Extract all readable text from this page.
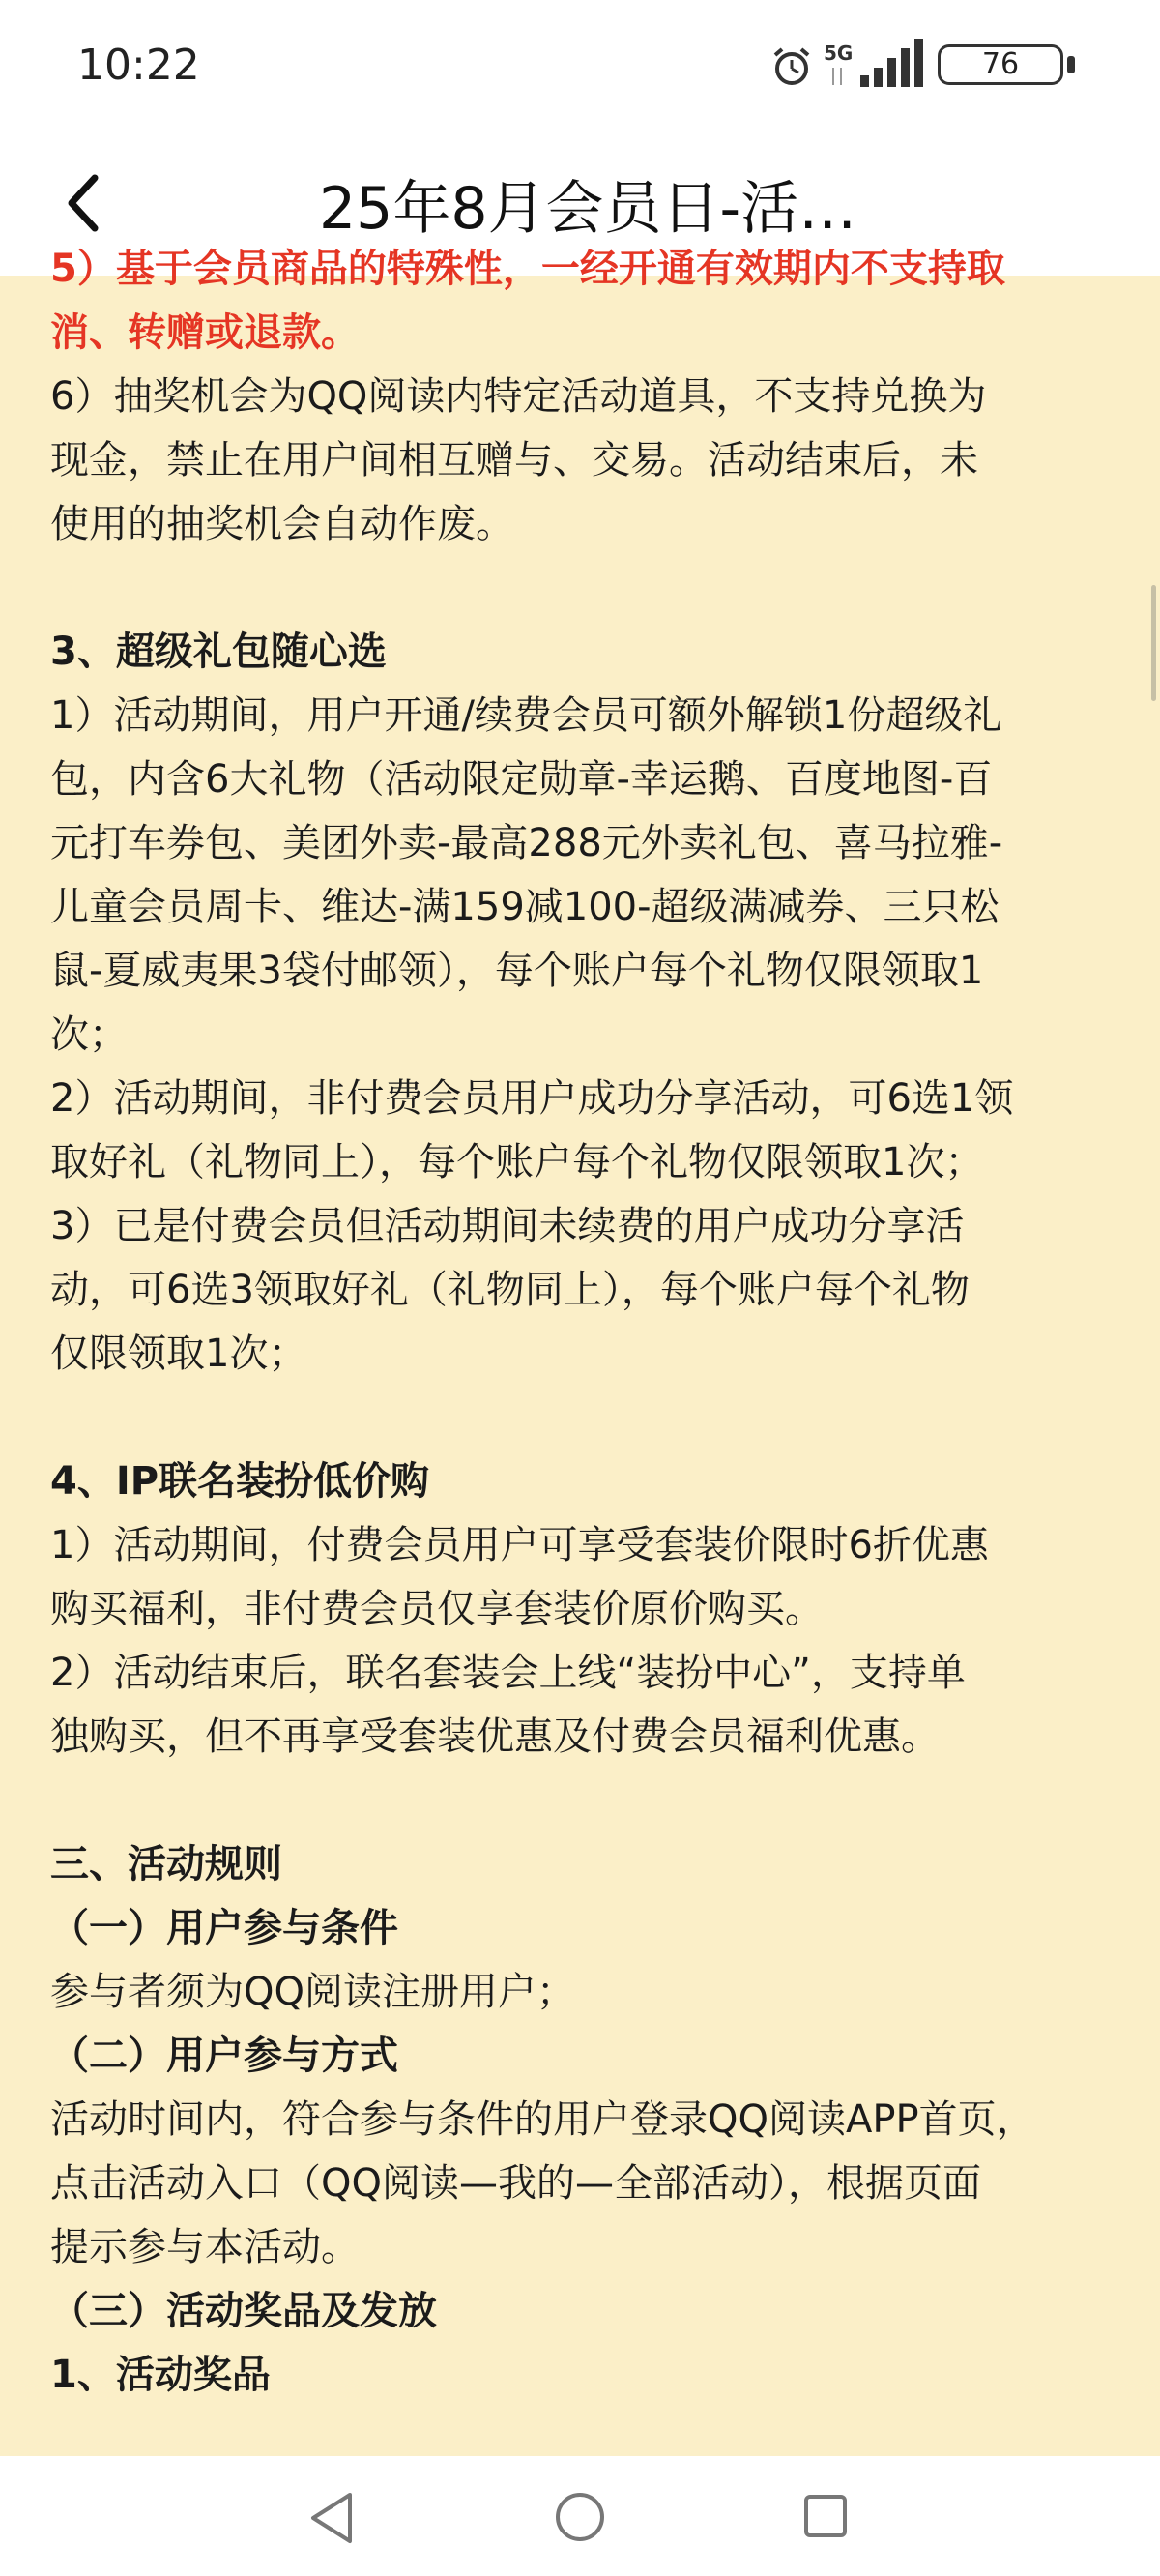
10:22	5G	76
25年8月会员日-活…

5）基于会员商品的特殊性，一经开通有效期内不支持取

消、转赠或退款。

6）抽奖机会为QQ阅读内特定活动道具，不支持兑换为

现金，禁止在用户间相互赠与、交易。活动结束后，未

使用的抽奖机会自动作废。

3、超级礼包随心选

1）活动期间，用户开通/续费会员可额外解锁1份超级礼

包，内含6大礼物（活动限定勋章-幸运鹅、百度地图-百

元打车券包、美团外卖-最高288元外卖礼包、喜马拉雅-

儿童会员周卡、维达-满159减100-超级满减券、三只松

鼠-夏威夷果3袋付邮领），每个账户每个礼物仅限领取1

次；

2）活动期间，非付费会员用户成功分享活动，可6选1领

取好礼（礼物同上），每个账户每个礼物仅限领取1次；

3）已是付费会员但活动期间未续费的用户成功分享活

动，可6选3领取好礼（礼物同上），每个账户每个礼物

仅限领取1次；

4、IP联名装扮低价购

1）活动期间，付费会员用户可享受套装价限时6折优惠

购买福利，非付费会员仅享套装价原价购买。

2）活动结束后，联名套装会上线“装扮中心”，支持单

独购买，但不再享受套装优惠及付费会员福利优惠。

三、活动规则

（一）用户参与条件

参与者须为QQ阅读注册用户；

（二）用户参与方式

活动时间内，符合参与条件的用户登录QQ阅读APP首页，

点击活动入口（QQ阅读—我的—全部活动），根据页面

提示参与本活动。

（三）活动奖品及发放

1、活动奖品
